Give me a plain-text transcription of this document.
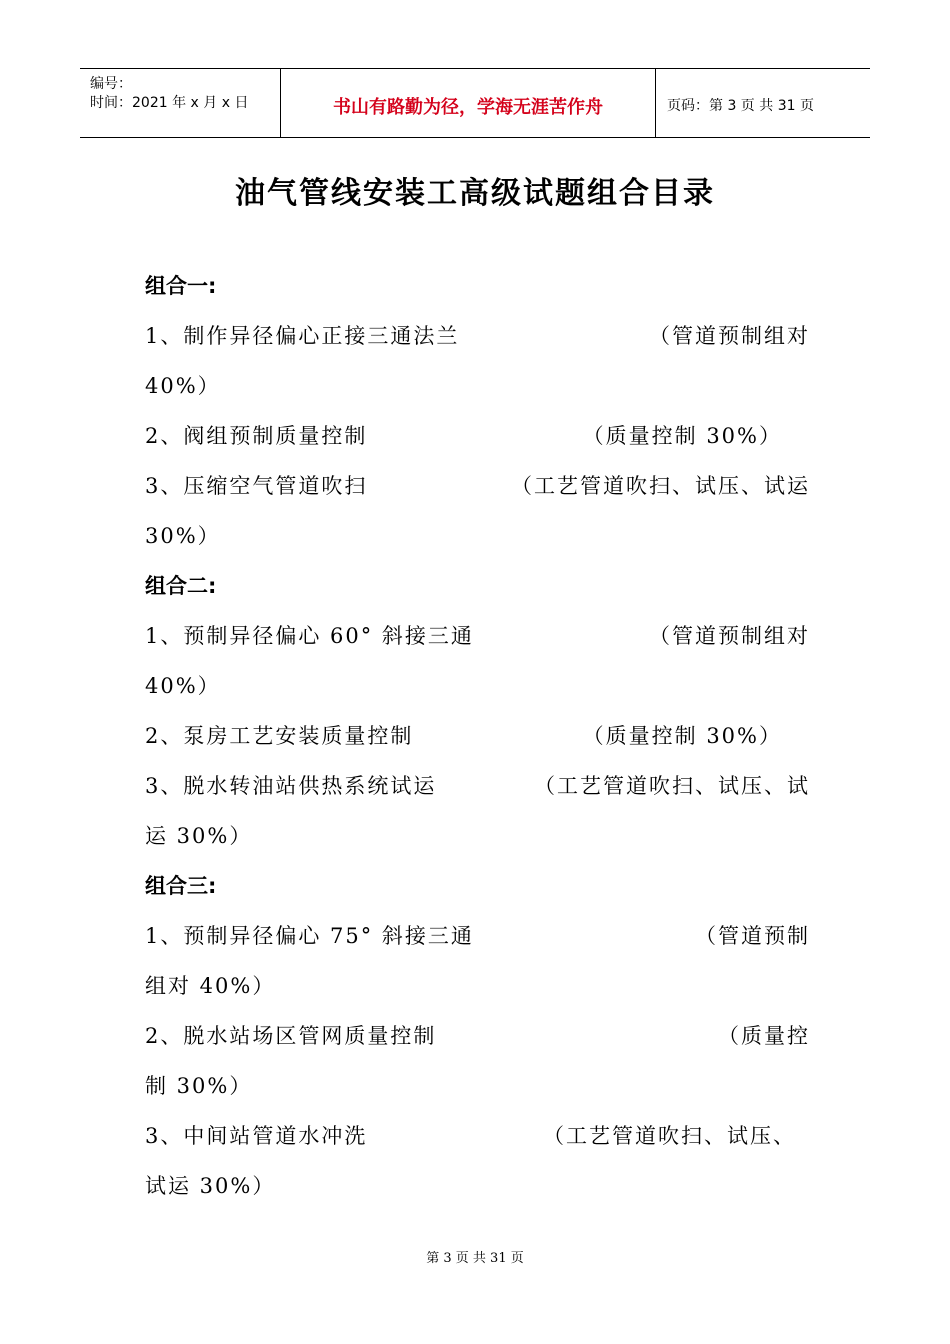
编号：
时间：2021 年 x 月 x 日	书山有路勤为径，学海无涯苦作舟	页码：第 3 页 共 31 页
油气管线安装工高级试题组合目录
组合一:
1、制作异径偏心正接三通法兰	（管道预制组对
40%）
2、阀组预制质量控制	（质量控制 30%）
3、压缩空气管道吹扫	（工艺管道吹扫、试压、试运
30%）
组合二:
1、预制异径偏心 60° 斜接三通	（管道预制组对
40%）
2、泵房工艺安装质量控制	（质量控制 30%）
3、脱水转油站供热系统试运	（工艺管道吹扫、试压、试
运 30%）
组合三:
1、预制异径偏心 75° 斜接三通	（管道预制
组对 40%）
2、脱水站场区管网质量控制	（质量控
制 30%）
3、中间站管道水冲洗	（工艺管道吹扫、试压、
试运 30%）
第 3 页 共 31 页
